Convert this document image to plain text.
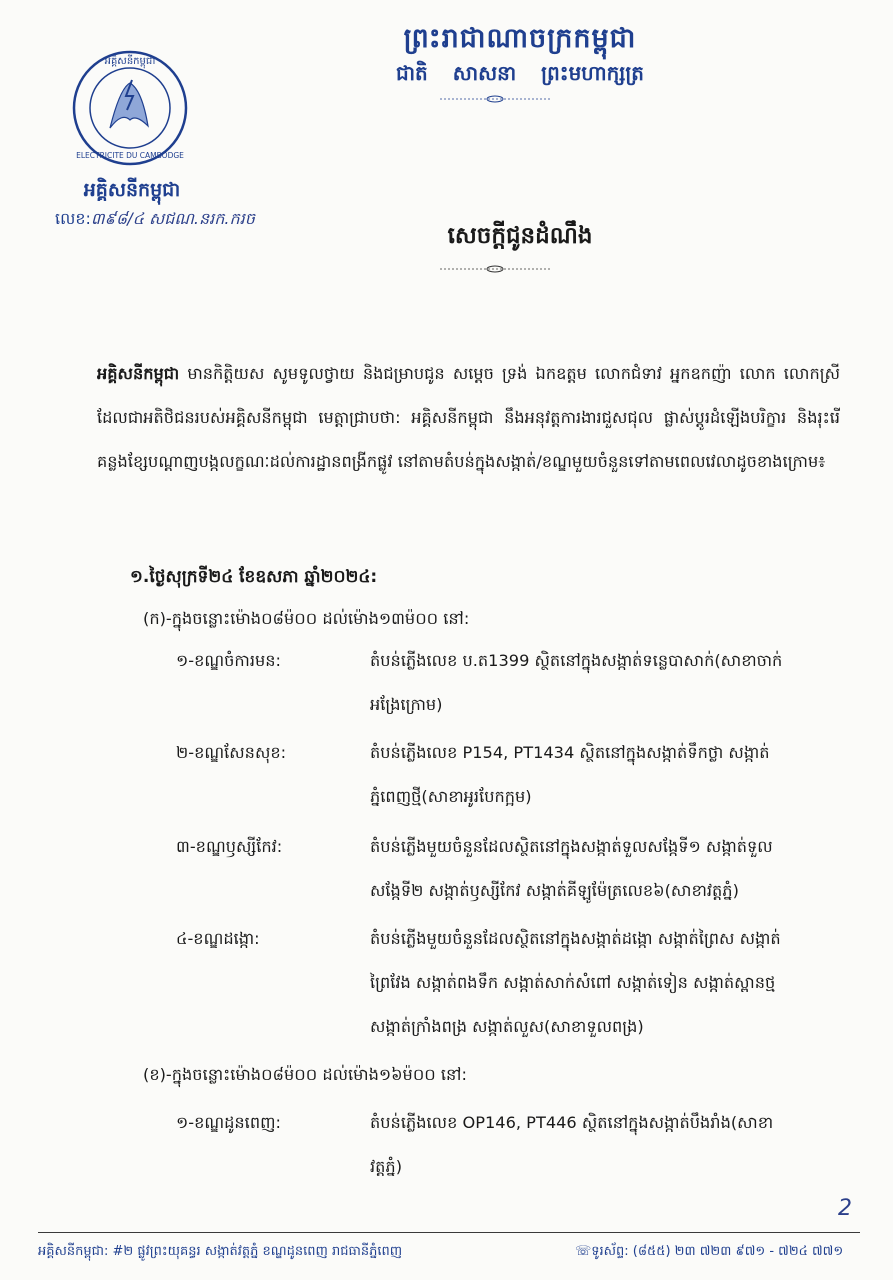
អគ្គិសនីកម្ពុជា
ELECTRICITE DU CAMBODGE
អគ្គិសនីកម្ពុជា
លេខ:៣៩៨/៤ សជណ.នរក.ករច
ព្រះរាជាណាចក្រកម្ពុជា
ជាតិ សាសនា ព្រះមហាក្សត្រ
សេចក្តីជូនដំណឹង
អគ្គិសនីកម្ពុជា មានកិត្តិយស សូមទូលថ្វាយ និងជម្រាបជូន សម្តេច ទ្រង់ ឯកឧត្តម លោកជំទាវ អ្នកឧកញ៉ា លោក លោកស្រី ដែលជាអតិថិជនរបស់អគ្គិសនីកម្ពុជា មេត្តាជ្រាបថា: អគ្គិសនីកម្ពុជា នឹងអនុវត្តការងារជួសជុល ផ្លាស់ប្តូរដំឡើងបរិក្ខារ និងរុះរើគន្លងខ្សែបណ្តាញបង្កលក្ខណៈដល់ការដ្ឋានពង្រីកផ្លូវ នៅតាមតំបន់ក្នុងសង្កាត់/ខណ្ឌមួយចំនួនទៅតាមពេលវេលាដូចខាងក្រោម៖
១.ថ្ងៃសុក្រទី២៤ ខែឧសភា ឆ្នាំ២០២៤:
(ក)-ក្នុងចន្លោះម៉ោង០៨ម៉០០ ដល់ម៉ោង១៣ម៉០០ នៅ:
១-ខណ្ឌចំការមន:	តំបន់ភ្លើងលេខ ប.ត1399 ស្ថិតនៅក្នុងសង្កាត់ទន្លេបាសាក់(សាខាចាក់
អង្រែក្រោម)
២-ខណ្ឌសែនសុខ:	តំបន់ភ្លើងលេខ P154, PT1434 ស្ថិតនៅក្នុងសង្កាត់ទឹកថ្លា សង្កាត់
ភ្នំពេញថ្មី(សាខាអូរបែកក្អម)
៣-ខណ្ឌឫស្សីកែវ:	តំបន់ភ្លើងមួយចំនួនដែលស្ថិតនៅក្នុងសង្កាត់ទួលសង្កែទី១ សង្កាត់ទួល
សង្កែទី២ សង្កាត់ឫស្សីកែវ សង្កាត់គីឡូម៉ែត្រលេខ៦(សាខាវត្តភ្នំ)
៤-ខណ្ឌដង្កោ:	តំបន់ភ្លើងមួយចំនួនដែលស្ថិតនៅក្នុងសង្កាត់ដង្កោ សង្កាត់ព្រៃស សង្កាត់
ព្រៃវែង សង្កាត់ពងទឹក សង្កាត់សាក់សំពៅ សង្កាត់ទៀន សង្កាត់ស្ពានថ្ម
សង្កាត់ក្រាំងពង្រ សង្កាត់លួស(សាខាទួលពង្រ)
(ខ)-ក្នុងចន្លោះម៉ោង០៨ម៉០០ ដល់ម៉ោង១៦ម៉០០ នៅ:
១-ខណ្ឌដូនពេញ:	តំបន់ភ្លើងលេខ OP146, PT446 ស្ថិតនៅក្នុងសង្កាត់បឹងរាំង(សាខា
វត្តភ្នំ)
2
អគ្គិសនីកម្ពុជា: #២ ផ្លូវព្រះយុគន្ធរ សង្កាត់វត្តភ្នំ ខណ្ឌដូនពេញ រាជធានីភ្នំពេញ	☏ទូរស័ព្ទ: (៨៥៥) ២៣ ៧២៣ ៩៧១ - ៧២៤ ៧៧១
